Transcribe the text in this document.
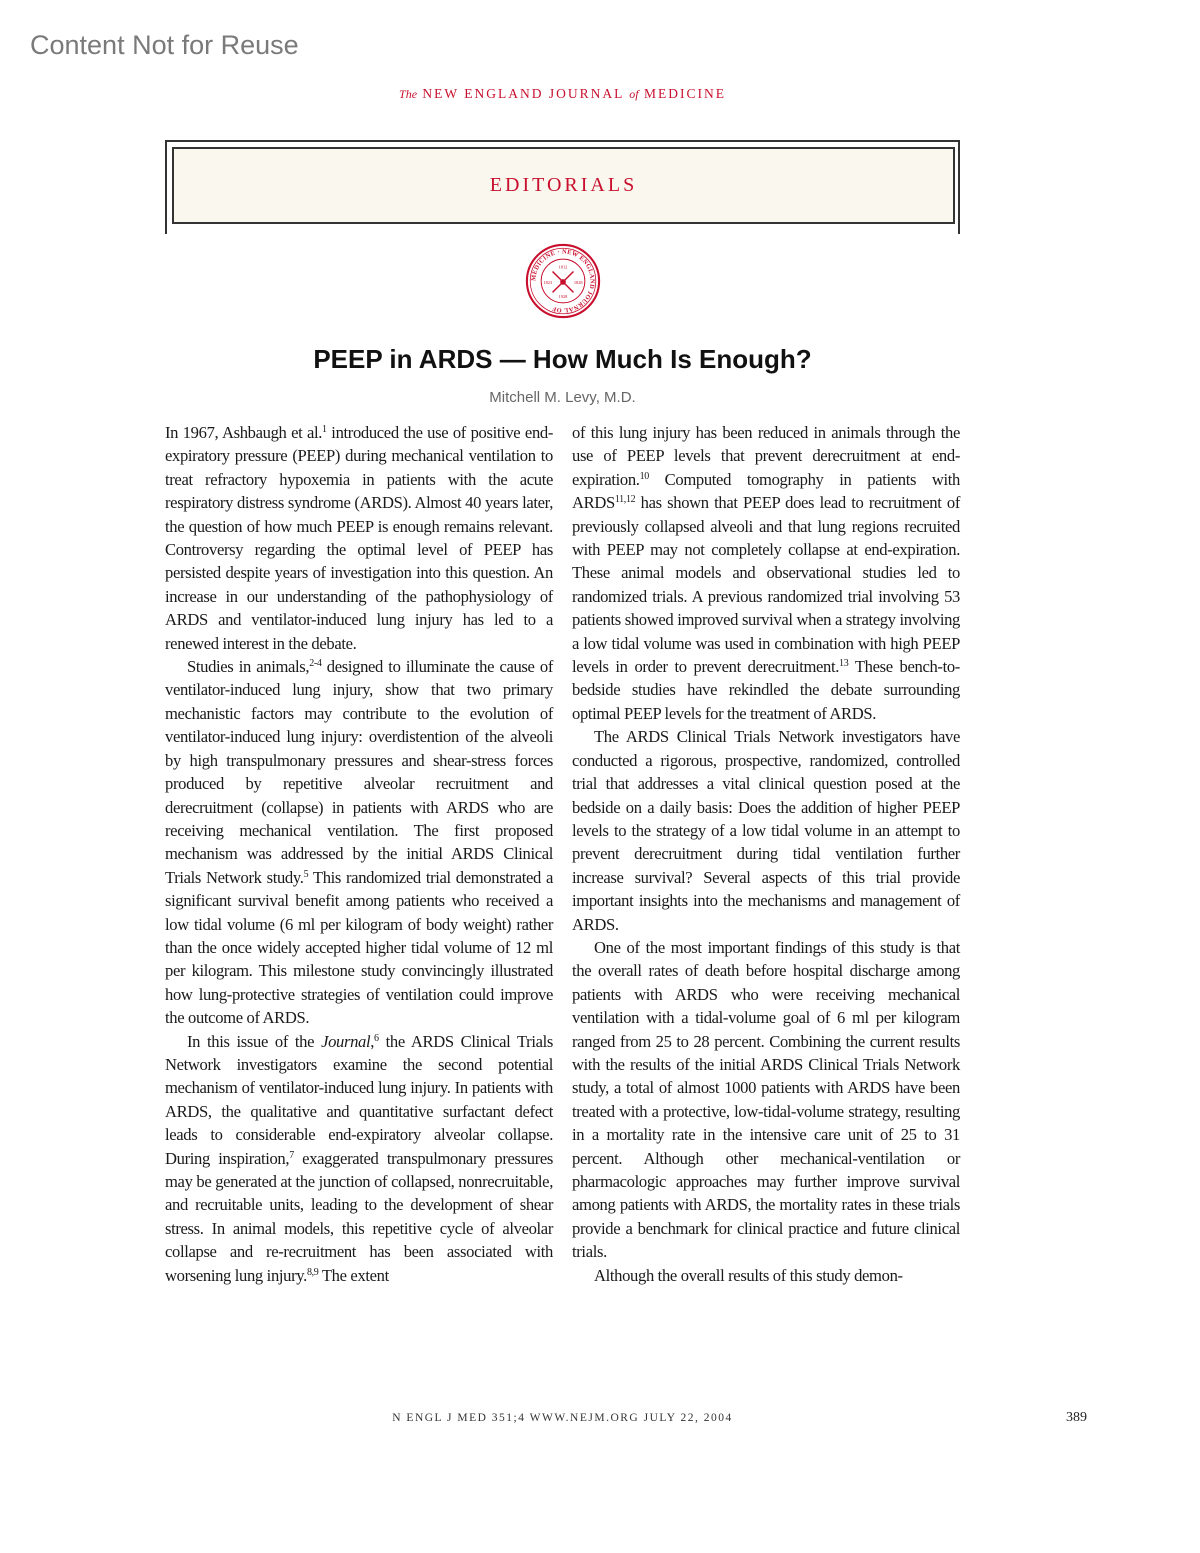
Content Not for Reuse
The NEW ENGLAND JOURNAL of MEDICINE
EDITORIALS
MEDICINE · NEW ENGLAND JOURNAL OF
1812
1823	1828
1928
PEEP in ARDS — How Much Is Enough?
Mitchell M. Levy, M.D.

In 1967, Ashbaugh et al.$^1$ introduced the use of positive end-expiratory pressure (PEEP) during mechanical ventilation to treat refractory hypoxemia in patients with the acute respiratory distress syndrome (ARDS). Almost 40 years later, the question of how much PEEP is enough remains relevant. Controversy regarding the optimal level of PEEP has persisted despite years of investigation into this question. An increase in our understanding of the pathophysiology of ARDS and ventilator-induced lung injury has led to a renewed interest in the debate.

Studies in animals,$^{2-4}$ designed to illuminate the cause of ventilator-induced lung injury, show that two primary mechanistic factors may contribute to the evolution of ventilator-induced lung injury: overdistention of the alveoli by high transpulmonary pressures and shear-stress forces produced by repetitive alveolar recruitment and derecruitment (collapse) in patients with ARDS who are receiving mechanical ventilation. The first proposed mechanism was addressed by the initial ARDS Clinical Trials Network study.$^5$ This randomized trial demonstrated a significant survival benefit among patients who received a low tidal volume (6 ml per kilogram of body weight) rather than the once widely accepted higher tidal volume of 12 ml per kilogram. This milestone study convincingly illustrated how lung-protective strategies of ventilation could improve the outcome of ARDS.

In this issue of the Journal,$^6$ the ARDS Clinical Trials Network investigators examine the second potential mechanism of ventilator-induced lung injury. In patients with ARDS, the qualitative and quantitative surfactant defect leads to considerable end-expiratory alveolar collapse. During inspiration,$^7$ exaggerated transpulmonary pressures may be generated at the junction of collapsed, nonrecruitable, and recruitable units, leading to the development of shear stress. In animal models, this repetitive cycle of alveolar collapse and re-recruitment has been associated with worsening lung injury.$^{8,9}$ The extent

of this lung injury has been reduced in animals through the use of PEEP levels that prevent derecruitment at end-expiration.$^{10}$ Computed tomography in patients with ARDS$^{11,12}$ has shown that PEEP does lead to recruitment of previously collapsed alveoli and that lung regions recruited with PEEP may not completely collapse at end-expiration. These animal models and observational studies led to randomized trials. A previous randomized trial involving 53 patients showed improved survival when a strategy involving a low tidal volume was used in combination with high PEEP levels in order to prevent derecruitment.$^{13}$ These bench-to-bedside studies have rekindled the debate surrounding optimal PEEP levels for the treatment of ARDS.

The ARDS Clinical Trials Network investigators have conducted a rigorous, prospective, randomized, controlled trial that addresses a vital clinical question posed at the bedside on a daily basis: Does the addition of higher PEEP levels to the strategy of a low tidal volume in an attempt to prevent derecruitment during tidal ventilation further increase survival? Several aspects of this trial provide important insights into the mechanisms and management of ARDS.

One of the most important findings of this study is that the overall rates of death before hospital discharge among patients with ARDS who were receiving mechanical ventilation with a tidal-volume goal of 6 ml per kilogram ranged from 25 to 28 percent. Combining the current results with the results of the initial ARDS Clinical Trials Network study, a total of almost 1000 patients with ARDS have been treated with a protective, low-tidal-volume strategy, resulting in a mortality rate in the intensive care unit of 25 to 31 percent. Although other mechanical-ventilation or pharmacologic approaches may further improve survival among patients with ARDS, the mortality rates in these trials provide a benchmark for clinical practice and future clinical trials.

Although the overall results of this study demon-

N ENGL J MED 351;4 WWW.NEJM.ORG JULY 22, 2004	389
